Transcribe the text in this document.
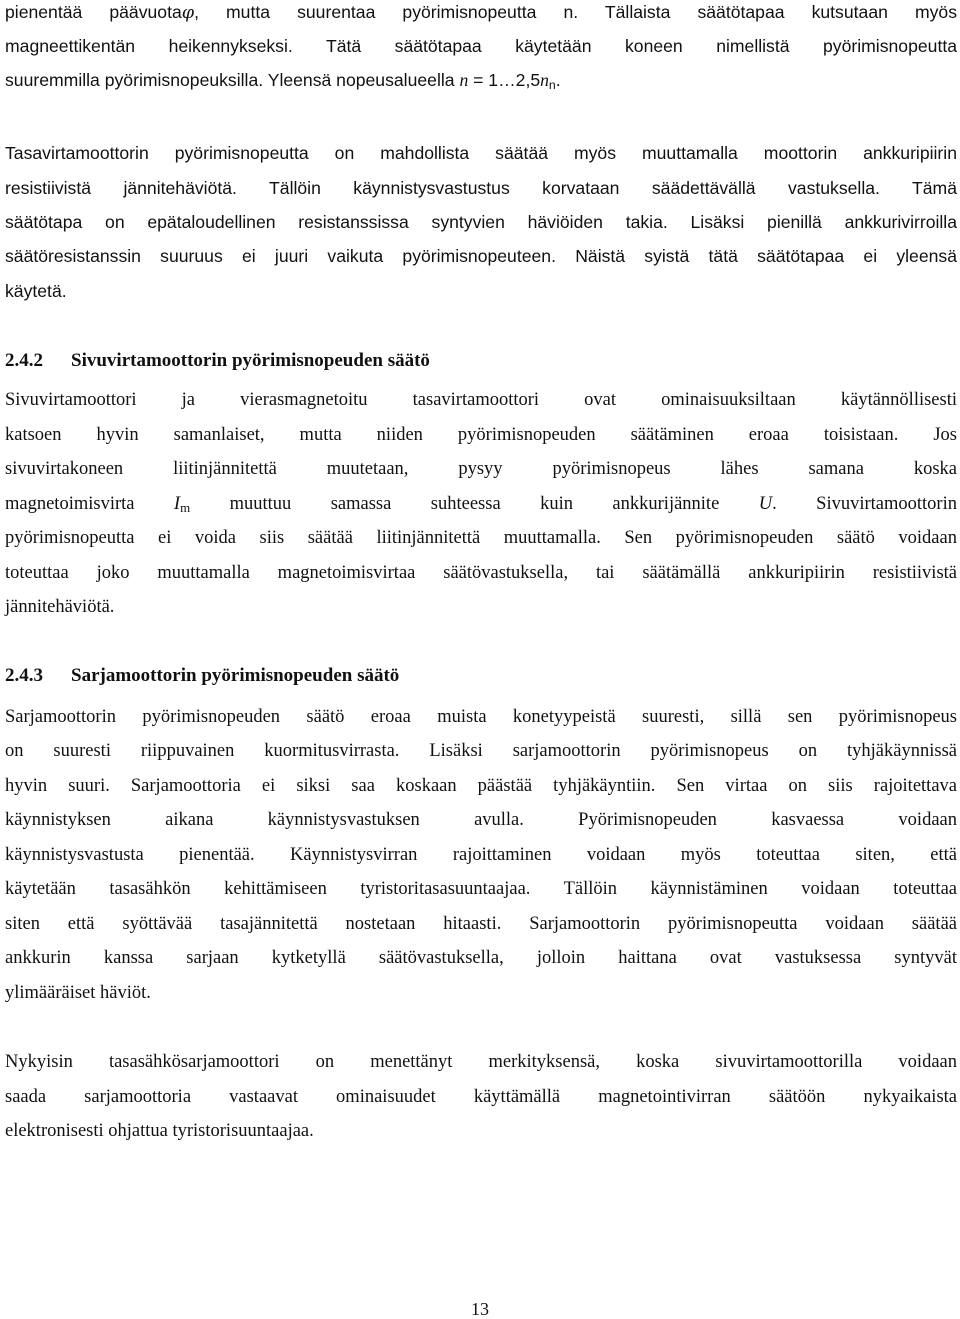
pienentää päävuotaφ, mutta suurentaa pyörimisnopeutta n. Tällaista säätötapaa kutsutaan myös
magneettikentän heikennykseksi. Tätä säätötapaa käytetään koneen nimellistä pyörimisnopeutta
suuremmilla pyörimisnopeuksilla. Yleensä nopeusalueella $n = 1\dots 2,5n_n$.
Tasavirtamoottorin pyörimisnopeutta on mahdollista säätää myös muuttamalla moottorin ankkuripiirin
resistiivistä jännitehäviötä. Tällöin käynnistysvastustus korvataan säädettävällä vastuksella. Tämä
säätötapa on epätaloudellinen resistanssissa syntyvien häviöiden takia. Lisäksi pienillä ankkurivirroilla
säätöresistanssin suuruus ei juuri vaikuta pyörimisnopeuteen. Näistä syistä tätä säätötapaa ei yleensä
käytetä.
2.4.2 Sivuvirtamoottorin pyörimisnopeuden säätö
Sivuvirtamoottori ja vierasmagnetoitu tasavirtamoottori ovat ominaisuuksiltaan käytännöllisesti
katsoen hyvin samanlaiset, mutta niiden pyörimisnopeuden säätäminen eroaa toisistaan. Jos
sivuvirtakoneen liitinjännitettä muutetaan, pysyy pyörimisnopeus lähes samana koska
magnetoimisvirta $I_m$ muuttuu samassa suhteessa kuin ankkurijännite U. Sivuvirtamoottorin
pyörimisnopeutta ei voida siis säätää liitinjännitettä muuttamalla. Sen pyörimisnopeuden säätö voidaan
toteuttaa joko muuttamalla magnetoimisvirtaa säätövastuksella, tai säätämällä ankkuripiirin resistiivistä
jännitehäviötä.
2.4.3 Sarjamoottorin pyörimisnopeuden säätö
Sarjamoottorin pyörimisnopeuden säätö eroaa muista konetyypeistä suuresti, sillä sen pyörimisnopeus
on suuresti riippuvainen kuormitusvirrasta. Lisäksi sarjamoottorin pyörimisnopeus on tyhjäkäynnissä
hyvin suuri. Sarjamoottoria ei siksi saa koskaan päästää tyhjäkäyntiin. Sen virtaa on siis rajoitettava
käynnistyksen aikana käynnistysvastuksen avulla. Pyörimisnopeuden kasvaessa voidaan
käynnistysvastusta pienentää. Käynnistysvirran rajoittaminen voidaan myös toteuttaa siten, että
käytetään tasasähkön kehittämiseen tyristoritasasuuntaajaa. Tällöin käynnistäminen voidaan toteuttaa
siten että syöttävää tasajännitettä nostetaan hitaasti. Sarjamoottorin pyörimisnopeutta voidaan säätää
ankkurin kanssa sarjaan kytketyllä säätövastuksella, jolloin haittana ovat vastuksessa syntyvät
ylimääräiset häviöt.
Nykyisin tasasähkösarjamoottori on menettänyt merkityksensä, koska sivuvirtamoottorilla voidaan
saada sarjamoottoria vastaavat ominaisuudet käyttämällä magnetointivirran säätöön nykyaikaista
elektronisesti ohjattua tyristorisuuntaajaa.
13
